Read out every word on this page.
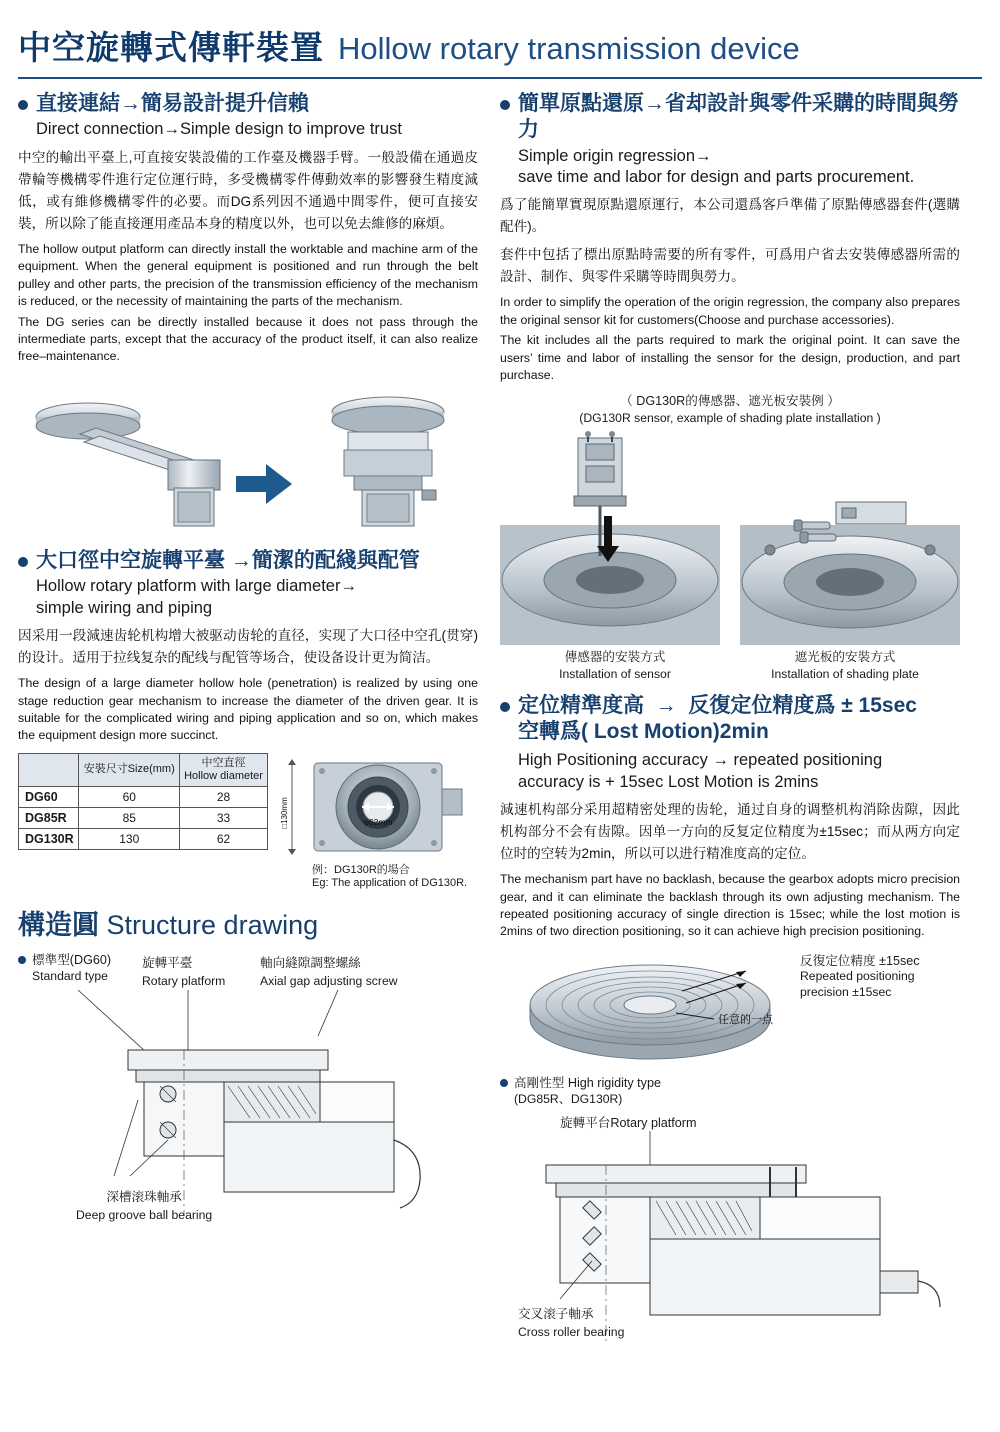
中空旋轉式傳軒裝置 Hollow rotary transmission device
直接連結→簡易設計提升信賴
Direct connection→Simple design to improve trust
中空的輸出平臺上,可直接安裝設備的工作臺及機器手臂。一般設備在通過皮帶輪等機構零件進行定位運行時，多受機構零件傳動效率的影響發生精度減低，或有維修機構零件的必要。而DG系列因不通過中間零件，便可直接安裝，所以除了能直接運用產品本身的精度以外，也可以免去維修的麻煩。
The hollow output platform can directly install the worktable and machine arm of the equipment. When the general equipment is positioned and run through the belt pulley and other parts, the precision of the transmission efficiency of the mechanism is reduced, or the necessity of maintaining the parts of the mechanism.
The DG series can be directly installed because it does not pass through the intermediate parts, except that the accuracy of the product itself, it can also realize free–maintenance.
大口徑中空旋轉平臺 →簡潔的配綫與配管
Hollow rotary platform with large diameter→
simple wiring and piping
因采用一段減速齿轮机构增大被驱动齿轮的直径，实现了大口径中空孔(贯穿)的设计。适用于拉线复杂的配线与配管等场合，使设备设计更为简洁。
The design of a large diameter hollow hole (penetration) is realized by using one stage reduction gear mechanism to increase the diameter of the driven gear. It is suitable for the complicated wiring and piping application and so on, which makes the equipment design more succinct.
	安裝尺寸Size(mm)	中空直徑
Hollow diameter

DG60	60	28
DG85R	85	33
DG130R	130	62
□130mm	φ62mm
例：DG130R的場合
Eg: The application of DG130R.
構造圓 Structure drawing
標準型(DG60)
Standard type
旋轉平臺
Rotary platform
軸向縫隙調整螺絲
Axial gap adjusting screw
深槽滚珠軸承
Deep groove ball bearing
簡單原點還原→省却設計與零件采購的時間與勞力
Simple origin regression→
save time and labor for design and parts procurement.
爲了能簡單實現原點還原運行，本公司還爲客戶準備了原點傳感器套件(選購配件)。
套件中包括了標出原點時需要的所有零件，可爲用户省去安裝傳感器所需的設計、制作、與零件采購等時間與勞力。
In order to simplify the operation of the origin regression, the company also prepares the original sensor kit for customers(Choose and purchase accessories).
The kit includes all the parts required to mark the original point. It can save the users’ time and labor of installing the sensor for the design, production, and part purchase.
（ DG130R的傳感器、遮光板安裝例 ）
(DG130R sensor, example of shading plate installation )
傳感器的安裝方式
Installation of sensor
遮光板的安裝方式
Installation of shading plate
定位精準度高  →  反復定位精度爲 ± 15sec
空轉爲( Lost Motion)2min
High Positioning accuracy → repeated positioning
accuracy is + 15sec Lost Motion is 2mins
減速机构部分采用超精密处理的齿轮，通过自身的调整机构消除齿隙，因此机构部分不会有齿隙。因单一方向的反复定位精度为±15sec；而从两方向定位时的空转为2min，所以可以进行精准度高的定位。
The mechanism part have no backlash, because the gearbox adopts micro precision gear, and it can eliminate the backlash through its own adjusting mechanism. The repeated positioning accuracy of single direction is 15sec; while the lost motion is 2mins of two direction positioning, so it can achieve high precision positioning.
任意的一点
反復定位精度 ±15sec
Repeated positioning
precision ±15sec
高剛性型 High rigidity type
(DG85R、DG130R)
旋轉平台Rotary platform
交叉滚子軸承
Cross roller bearing
